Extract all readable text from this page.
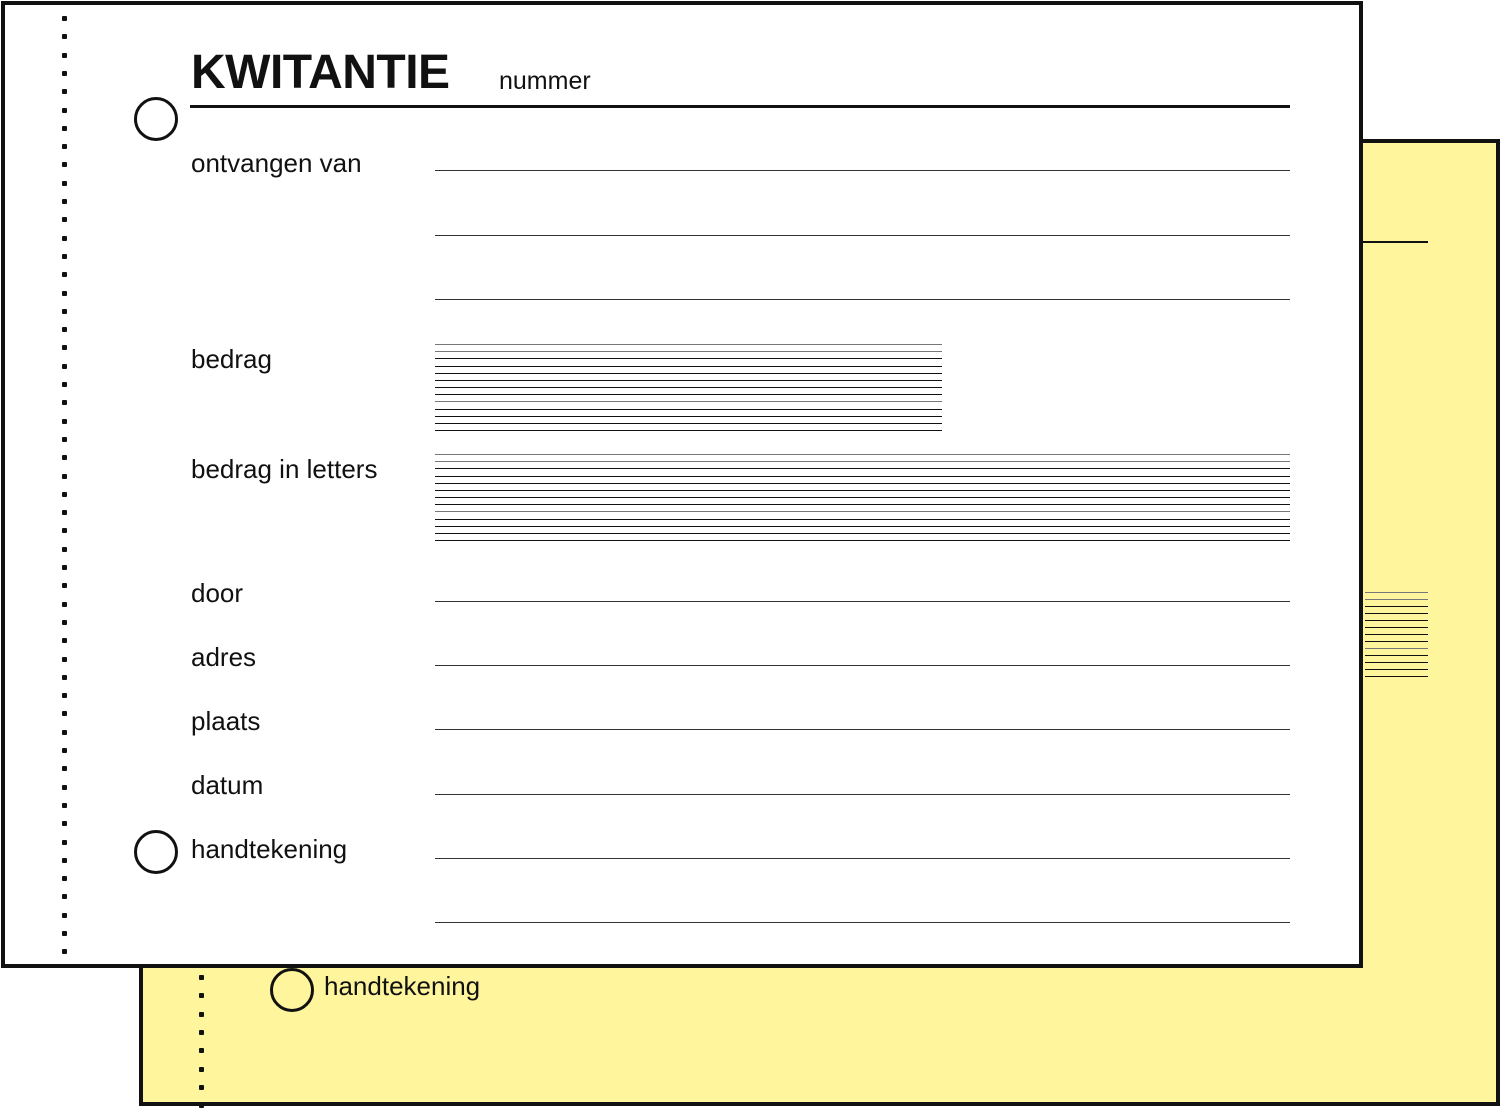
handtekening
KWITANTIE nummer
ontvangen van
bedrag
bedrag in letters
door
adres
plaats
datum
handtekening
